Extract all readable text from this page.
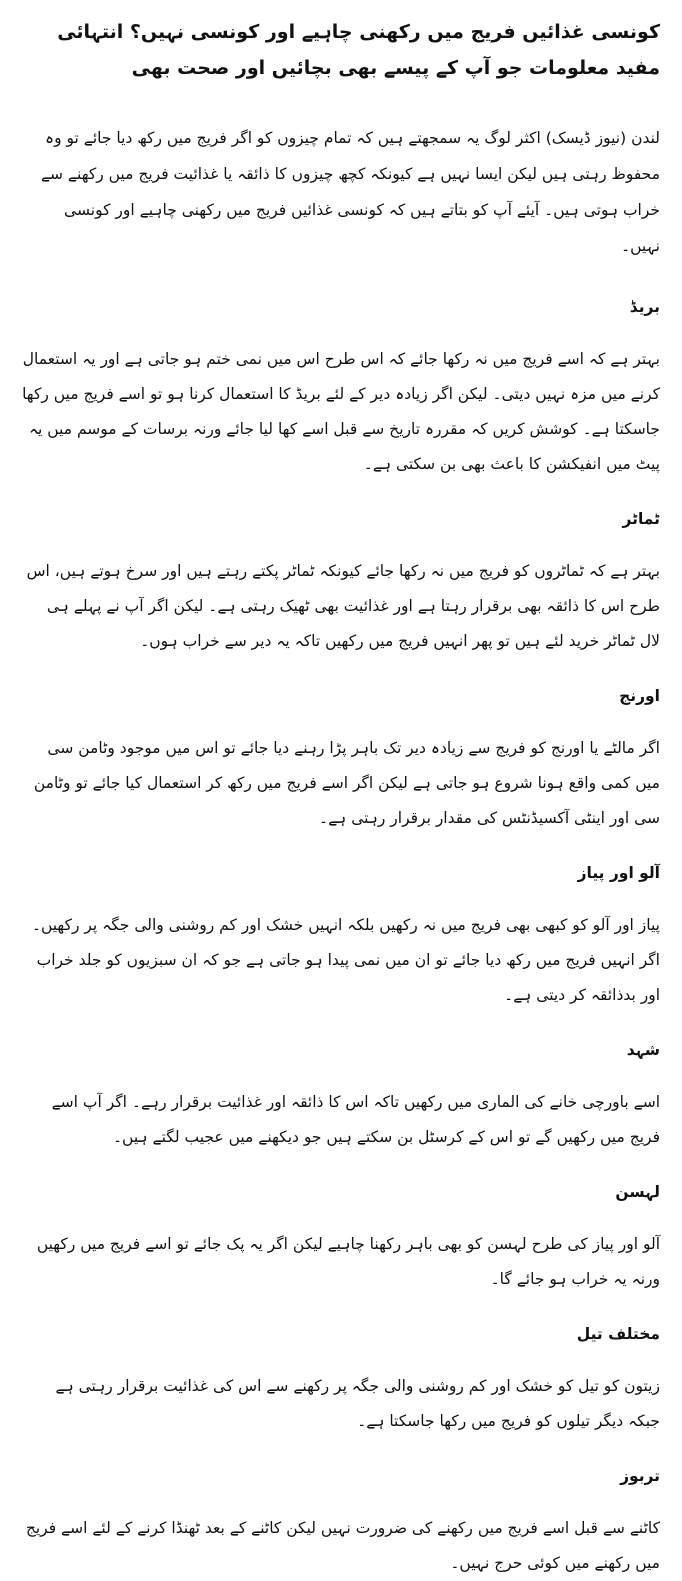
کونسی غذائیں فریج میں رکھنی چاہیے اور کونسی نہیں؟ انتہائی مفید معلومات جو آپ کے پیسے بھی بچائیں اور صحت بھی

لندن (نیوز ڈیسک) اکثر لوگ یہ سمجھتے ہیں کہ تمام چیزوں کو اگر فریج میں رکھ دیا جائے تو وہ محفوظ رہتی ہیں لیکن ایسا نہیں ہے کیونکہ کچھ چیزوں کا ذائقہ یا غذائیت فریج میں رکھنے سے خراب ہوتی ہیں۔ آیئے آپ کو بتاتے ہیں کہ کونسی غذائیں فریج میں رکھنی چاہیے اور کونسی نہیں۔

بریڈ

بہتر ہے کہ اسے فریج میں نہ رکھا جائے کہ اس طرح اس میں نمی ختم ہو جاتی ہے اور یہ استعمال کرنے میں مزہ نہیں دیتی۔ لیکن اگر زیادہ دیر کے لئے بریڈ کا استعمال کرنا ہو تو اسے فریج میں رکھا جاسکتا ہے۔ کوشش کریں کہ مقررہ تاریخ سے قبل اسے کھا لیا جائے ورنہ برسات کے موسم میں یہ پیٹ میں انفیکشن کا باعث بھی بن سکتی ہے۔

ٹماٹر

بہتر ہے کہ ٹماٹروں کو فریج میں نہ رکھا جائے کیونکہ ٹماٹر پکتے رہتے ہیں اور سرخ ہوتے ہیں، اس طرح اس کا ذائقہ بھی برقرار رہتا ہے اور غذائیت بھی ٹھیک رہتی ہے۔ لیکن اگر آپ نے پہلے ہی لال ٹماٹر خرید لئے ہیں تو پھر انہیں فریج میں رکھیں تاکہ یہ دیر سے خراب ہوں۔

اورنج

اگر مالٹے یا اورنج کو فریج سے زیادہ دیر تک باہر پڑا رہنے دیا جائے تو اس میں موجود وٹامن سی میں کمی واقع ہونا شروع ہو جاتی ہے لیکن اگر اسے فریج میں رکھ کر استعمال کیا جائے تو وٹامن سی اور اینٹی آکسیڈنٹس کی مقدار برقرار رہتی ہے۔

آلو اور پیاز

پیاز اور آلو کو کبھی بھی فریج میں نہ رکھیں بلکہ انہیں خشک اور کم روشنی والی جگہ پر رکھیں۔ اگر انہیں فریج میں رکھ دیا جائے تو ان میں نمی پیدا ہو جاتی ہے جو کہ ان سبزیوں کو جلد خراب اور بدذائقہ کر دیتی ہے۔

شہد

اسے باورچی خانے کی الماری میں رکھیں تاکہ اس کا ذائقہ اور غذائیت برقرار رہے۔ اگر آپ اسے فریج میں رکھیں گے تو اس کے کرسٹل بن سکتے ہیں جو دیکھنے میں عجیب لگتے ہیں۔

لہسن

آلو اور پیاز کی طرح لہسن کو بھی باہر رکھنا چاہیے لیکن اگر یہ پک جائے تو اسے فریج میں رکھیں ورنہ یہ خراب ہو جائے گا۔

مختلف تیل

زیتون کو تیل کو خشک اور کم روشنی والی جگہ پر رکھنے سے اس کی غذائیت برقرار رہتی ہے جبکہ دیگر تیلوں کو فریج میں رکھا جاسکتا ہے۔

تربوز

کاٹنے سے قبل اسے فریج میں رکھنے کی ضرورت نہیں لیکن کاٹنے کے بعد ٹھنڈا کرنے کے لئے اسے فریج میں رکھنے میں کوئی حرج نہیں۔
